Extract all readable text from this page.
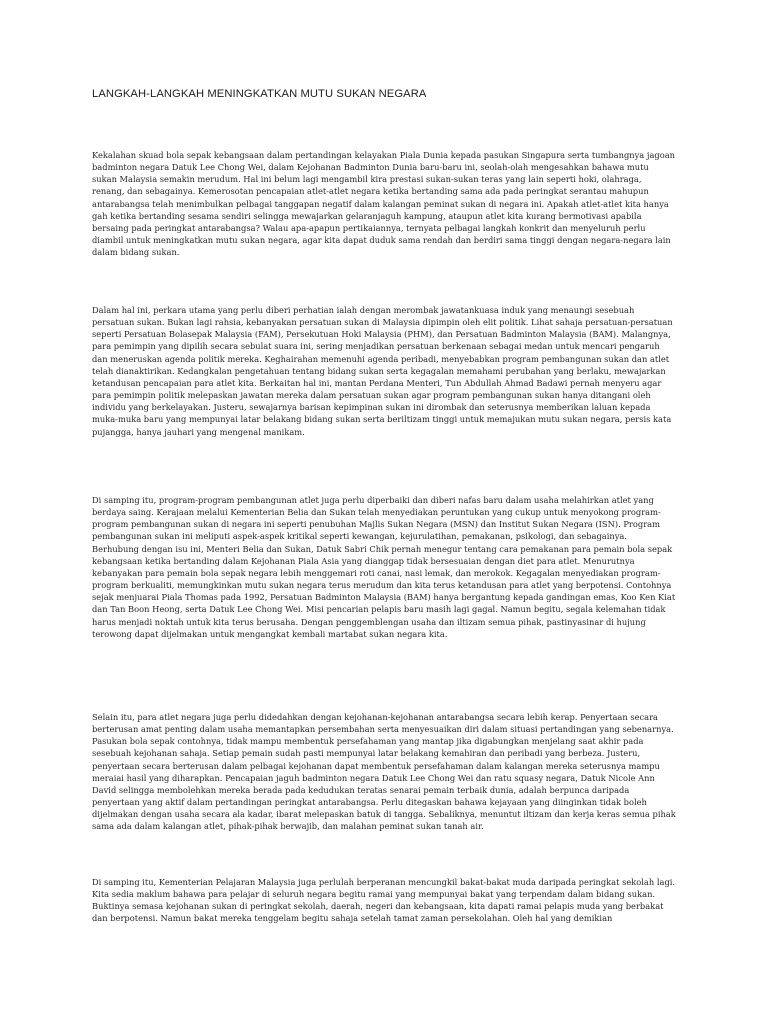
LANGKAH-LANGKAH MENINGKATKAN MUTU SUKAN NEGARA

Kekalahan skuad bola sepak kebangsaan dalam pertandingan kelayakan Piala Dunia kepada pasukan Singapura serta tumbangnya jagoan badminton negara Datuk Lee Chong Wei, dalam Kejohanan Badminton Dunia baru-baru ini, seolah-olah mengesahkan bahawa mutu sukan Malaysia semakin merudum. Hal ini belum lagi mengambil kira prestasi sukan-sukan teras yang lain seperti hoki, olahraga, renang, dan sebagainya. Kemerosotan pencapaian atlet-atlet negara ketika bertanding sama ada pada peringkat serantau mahupun antarabangsa telah menimbulkan pelbagai tanggapan negatif dalam kalangan peminat sukan di negara ini. Apakah atlet-atlet kita hanya gah ketika bertanding sesama sendiri selingga mewajarkan gelaranjaguh kampung, ataupun atlet kita kurang bermotivasi apabila bersaing pada peringkat antarabangsa? Walau apa-apapun pertikaiannya, ternyata pelbagai langkah konkrit dan menyeluruh perlu diambil untuk meningkatkan mutu sukan negara, agar kita dapat duduk sama rendah dan berdiri sama tinggi dengan negara-negara lain dalam bidang sukan.

Dalam hal ini, perkara utama yang perlu diberi perhatian ialah dengan merombak jawatankuasa induk yang menaungi sesebuah persatuan sukan. Bukan lagi rahsia, kebanyakan persatuan sukan di Malaysia dipimpin oleh elit politik. Lihat sahaja persatuan-persatuan seperti Persatuan Bolasepak Malaysia (FAM), Persekutuan Hoki Malaysia (PHM), dan Persatuan Badminton Malaysia (BAM). Malangnya, para pemimpin yang dipilih secara sebulat suara ini, sering menjadikan persatuan berkenaan sebagai medan untuk mencari pengaruh dan meneruskan agenda politik mereka. Keghairahan memenuhi agenda peribadi, menyebabkan program pembangunan sukan dan atlet telah dianaktirikan. Kedangkalan pengetahuan tentang bidang sukan serta kegagalan memahami perubahan yang berlaku, mewajarkan ketandusan pencapaian para atlet kita. Berkaitan hal ini, mantan Perdana Menteri, Tun Abdullah Ahmad Badawi pernah menyeru agar para pemimpin politik melepaskan jawatan mereka dalam persatuan sukan agar program pembangunan sukan hanya ditangani oleh individu yang berkelayakan. Justeru, sewajarnya barisan kepimpinan sukan ini dirombak dan seterusnya memberikan laluan kepada muka-muka baru yang mempunyai latar belakang bidang sukan serta beriltizam tinggi untuk memajukan mutu sukan negara, persis kata pujangga, hanya jauhari yang mengenal manikam.

Di samping itu, program-program pembangunan atlet juga perlu diperbaiki dan diberi nafas baru dalam usaha melahirkan atlet yang berdaya saing. Kerajaan melalui Kementerian Belia dan Sukan telah menyediakan peruntukan yang cukup untuk menyokong program-program pembangunan sukan di negara ini seperti penubuhan Majlis Sukan Negara (MSN) dan Institut Sukan Negara (ISN). Program pembangunan sukan ini meliputi aspek-aspek kritikal seperti kewangan, kejurulatihan, pemakanan, psikologi, dan sebagainya. Berhubung dengan isu ini, Menteri Belia dan Sukan, Datuk Sabri Chik pernah menegur tentang cara pemakanan para pemain bola sepak kebangsaan ketika bertanding dalam Kejohanan Piala Asia yang dianggap tidak bersesuaian dengan diet para atlet. Menurutnya kebanyakan para pemain bola sepak negara lebih menggemari roti canai, nasi lemak, dan merokok. Kegagalan menyediakan program-program berkualiti, memungkinkan mutu sukan negara terus merudum dan kita terus ketandusan para atlet yang berpotensi. Contohnya sejak menjuarai Piala Thomas pada 1992, Persatuan Badminton Malaysia (BAM) hanya bergantung kepada gandingan emas, Koo Ken Kiat dan Tan Boon Heong, serta Datuk Lee Chong Wei. Misi pencarian pelapis baru masih lagi gagal. Namun begitu, segala kelemahan tidak harus menjadi noktah untuk kita terus berusaha. Dengan penggemblengan usaha dan iltizam semua pihak, pastinyasinar di hujung terowong dapat dijelmakan untuk mengangkat kembali martabat sukan negara kita.

Selain itu, para atlet negara juga perlu didedahkan dengan kejohanan-kejohanan antarabangsa secara lebih kerap. Penyertaan secara berterusan amat penting dalam usaha memantapkan persembahan serta menyesuaikan diri dalam situasi pertandingan yang sebenarnya. Pasukan bola sepak contohnya, tidak mampu membentuk persefahaman yang mantap jika digabungkan menjelang saat akhir pada sesebuah kejohanan sahaja. Setiap pemain sudah pasti mempunyai latar belakang kemahiran dan peribadi yang berbeza. Justeru, penyertaan secara berterusan dalam pelbagai kejohanan dapat membentuk persefahaman dalam kalangan mereka seterusnya mampu meraiai hasil yang diharapkan. Pencapaian jaguh badminton negara Datuk Lee Chong Wei dan ratu squasy negara, Datuk Nicole Ann David selingga membolehkan mereka berada pada kedudukan teratas senarai pemain terbaik dunia, adalah berpunca daripada penyertaan yang aktif dalam pertandingan peringkat antarabangsa. Perlu ditegaskan bahawa kejayaan yang diinginkan tidak boleh dijelmakan dengan usaha secara ala kadar, ibarat melepaskan batuk di tangga. Sebaliknya, menuntut iltizam dan kerja keras semua pihak sama ada dalam kalangan atlet, pihak-pihak berwajib, dan malahan peminat sukan tanah air.

Di samping itu, Kementerian Pelajaran Malaysia juga perlulah berperanan mencungkil bakat-bakat muda daripada peringkat sekolah lagi. Kita sedia maklum bahawa para pelajar di seluruh negara begitu ramai yang mempunyai bakat yang terpendam dalam bidang sukan. Buktinya semasa kejohanan sukan di peringkat sekolah, daerah, negeri dan kebangsaan, kita dapati ramai pelapis muda yang berbakat dan berpotensi. Namun bakat mereka tenggelam begitu sahaja setelah tamat zaman persekolahan. Oleh hal yang demikian
